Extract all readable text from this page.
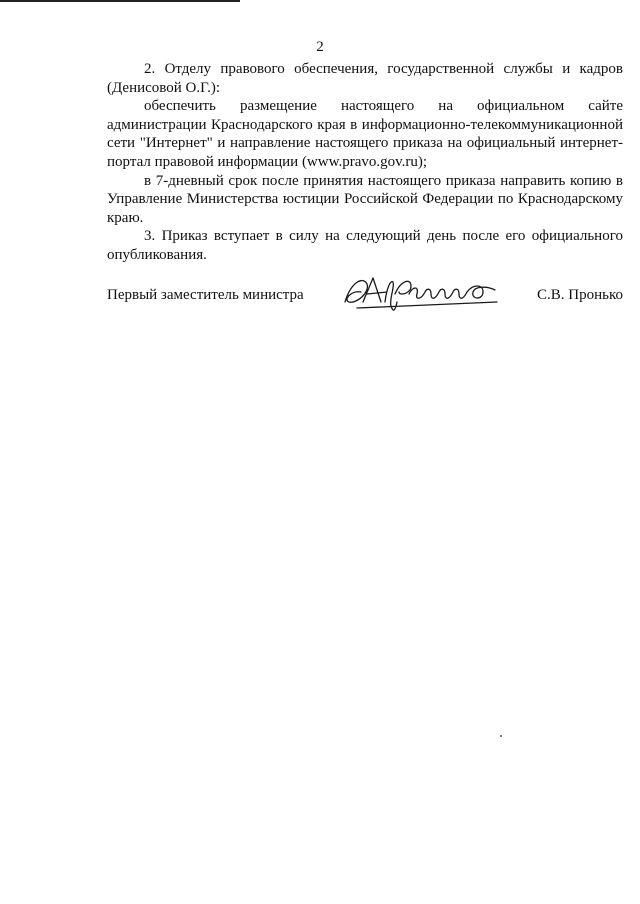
2

2. Отделу правового обеспечения, государственной службы и кадров (Денисовой О.Г.):

обеспечить размещение настоящего на официальном сайте администрации Краснодарского края в информационно-телекоммуникационной сети "Интернет" и направление настоящего приказа на официальный интернет-портал правовой информации (www.pravo.gov.ru);

в 7-дневный срок после принятия настоящего приказа направить копию в Управление Министерства юстиции Российской Федерации по Краснодарскому краю.

3. Приказ вступает в силу на следующий день после его официального опубликования.

Первый заместитель министра	С.В. Пронько
